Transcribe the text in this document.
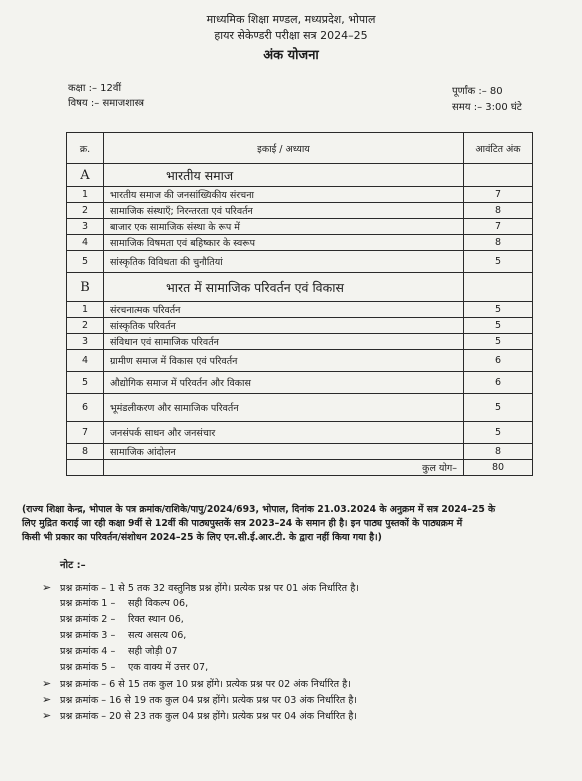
माध्यमिक शिक्षा मण्डल, मध्यप्रदेश, भोपाल
हायर सेकेण्डरी परीक्षा सत्र 2024–25
अंक योजना
कक्षा :– 12वीं
विषय :– समाजशास्त्र
पूर्णांक :– 80
समय :– 3:00 घंटे
क्र.	इकाई / अध्याय	आवंटित अंक
A	भारतीय समाज	
1	भारतीय समाज की जनसांख्यिकीय संरचना	7
2	सामाजिक संस्थाएँ; निरन्तरता एवं परिवर्तन	8
3	बाजार एक सामाजिक संस्था के रूप में	7
4	सामाजिक विषमता एवं बहिष्कार के स्वरूप	8
5	सांस्कृतिक विविधता की चुनौतियां	5
B	भारत में सामाजिक परिवर्तन एवं विकास	
1	संरचनात्मक परिवर्तन	5
2	सांस्कृतिक परिवर्तन	5
3	संविधान एवं सामाजिक परिवर्तन	5
4	ग्रामीण समाज में विकास एवं परिवर्तन	6
5	औद्योगिक समाज में परिवर्तन और विकास	6
6	भूमंडलीकरण और सामाजिक परिवर्तन	5
7	जनसंपर्क साधन और जनसंचार	5
8	सामाजिक आंदोलन	8
	कुल योग–	80
(राज्य शिक्षा केन्द्र, भोपाल के पत्र क्रमांक/राशिके/पापु/2024/693, भोपाल, दिनांक 21.03.2024 के अनुक्रम में सत्र 2024–25 के
लिए मुद्रित कराई जा रही कक्षा 9वीं से 12वीं की पाठ्यपुस्तकें सत्र 2023–24 के समान ही है। इन पाठ्य पुस्तकों के पाठ्यक्रम में
किसी भी प्रकार का परिवर्तन/संशोधन 2024–25 के लिए एन.सी.ई.आर.टी. के द्वारा नहीं किया गया है।)
नोट :–
➢ प्रश्न क्रमांक – 1 से 5 तक 32 वस्तुनिष्ठ प्रश्न होंगे। प्रत्येक प्रश्न पर 01 अंक निर्धारित है।
प्रश्न क्रमांक 1 – सही विकल्प 06,
प्रश्न क्रमांक 2 – रिक्त स्थान 06,
प्रश्न क्रमांक 3 – सत्य असत्य 06,
प्रश्न क्रमांक 4 – सही जोड़ी 07
प्रश्न क्रमांक 5 – एक वाक्य में उत्तर 07,
➢ प्रश्न क्रमांक – 6 से 15 तक कुल 10 प्रश्न होंगे। प्रत्येक प्रश्न पर 02 अंक निर्धारित है।
➢ प्रश्न क्रमांक – 16 से 19 तक कुल 04 प्रश्न होंगे। प्रत्येक प्रश्न पर 03 अंक निर्धारित है।
➢ प्रश्न क्रमांक – 20 से 23 तक कुल 04 प्रश्न होंगे। प्रत्येक प्रश्न पर 04 अंक निर्धारित है।
